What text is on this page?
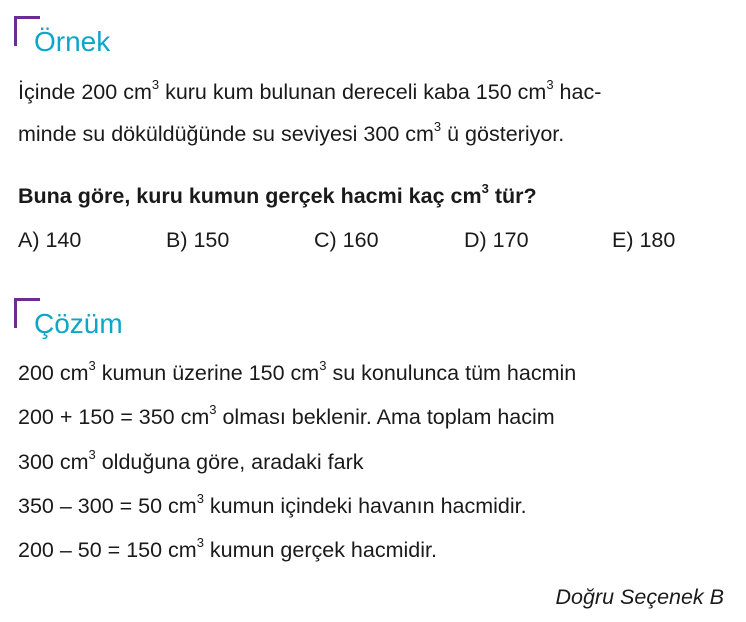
Örnek
İçinde 200 $cm^3$ kuru kum bulunan dereceli kaba 150 $cm^3$ hac-
minde su döküldüğünde su seviyesi 300 $cm^3$ ü gösteriyor.
Buna göre, kuru kumun gerçek hacmi kaç $cm^3$ tür?
A) 140	B) 150	C) 160	D) 170	E) 180
Çözüm
200 $cm^3$ kumun üzerine 150 $cm^3$ su konulunca tüm hacmin
200 + 150 = 350 $cm^3$ olması beklenir. Ama toplam hacim
300 $cm^3$ olduğuna göre, aradaki fark
350 – 300 = 50 $cm^3$ kumun içindeki havanın hacmidir.
200 – 50 = 150 $cm^3$ kumun gerçek hacmidir.
Doğru Seçenek B
